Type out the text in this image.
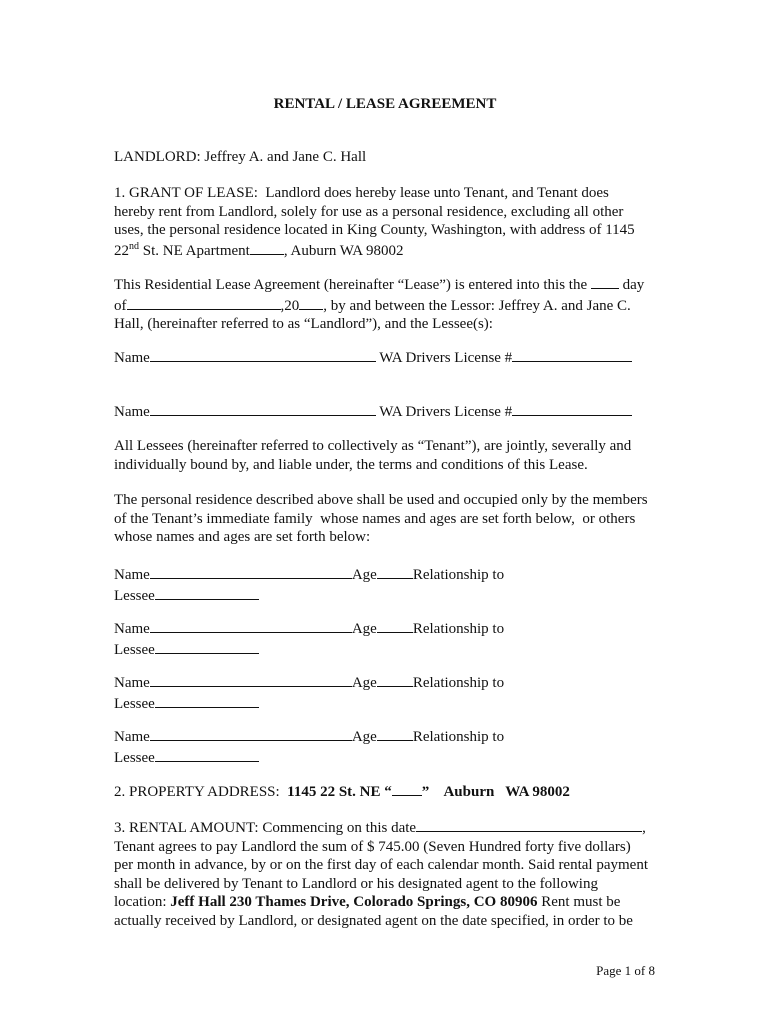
RENTAL / LEASE AGREEMENT
LANDLORD: Jeffrey A. and Jane C. Hall
1. GRANT OF LEASE:  Landlord does hereby lease unto Tenant, and Tenant does
hereby rent from Landlord, solely for use as a personal residence, excluding all other
uses, the personal residence located in King County, Washington, with address of 1145
22nd St. NE Apartment , Auburn WA 98002
This Residential Lease Agreement (hereinafter “Lease”) is entered into this the  day
of	,20 , by and between the Lessor: Jeffrey A. and Jane C.
Hall, (hereinafter referred to as “Landlord”), and the Lessee(s):
Name	WA Drivers License #
Name	WA Drivers License #
All Lessees (hereinafter referred to collectively as “Tenant”), are jointly, severally and
individually bound by, and liable under, the terms and conditions of this Lease.
The personal residence described above shall be used and occupied only by the members
of the Tenant’s immediate family  whose names and ages are set forth below,  or others
whose names and ages are set forth below:
Name	Age Relationship to
Lessee
Name	Age Relationship to
Lessee
Name	Age Relationship to
Lessee
Name	Age Relationship to
Lessee
2. PROPERTY ADDRESS:  1145 22 St. NE “ ”    Auburn   WA 98002
3. RENTAL AMOUNT: Commencing on this date	,
Tenant agrees to pay Landlord the sum of $ 745.00 (Seven Hundred forty five dollars)
per month in advance, by or on the first day of each calendar month. Said rental payment
shall be delivered by Tenant to Landlord or his designated agent to the following
location: Jeff Hall 230 Thames Drive, Colorado Springs, CO 80906 Rent must be
actually received by Landlord, or designated agent on the date specified, in order to be
Page 1 of 8
